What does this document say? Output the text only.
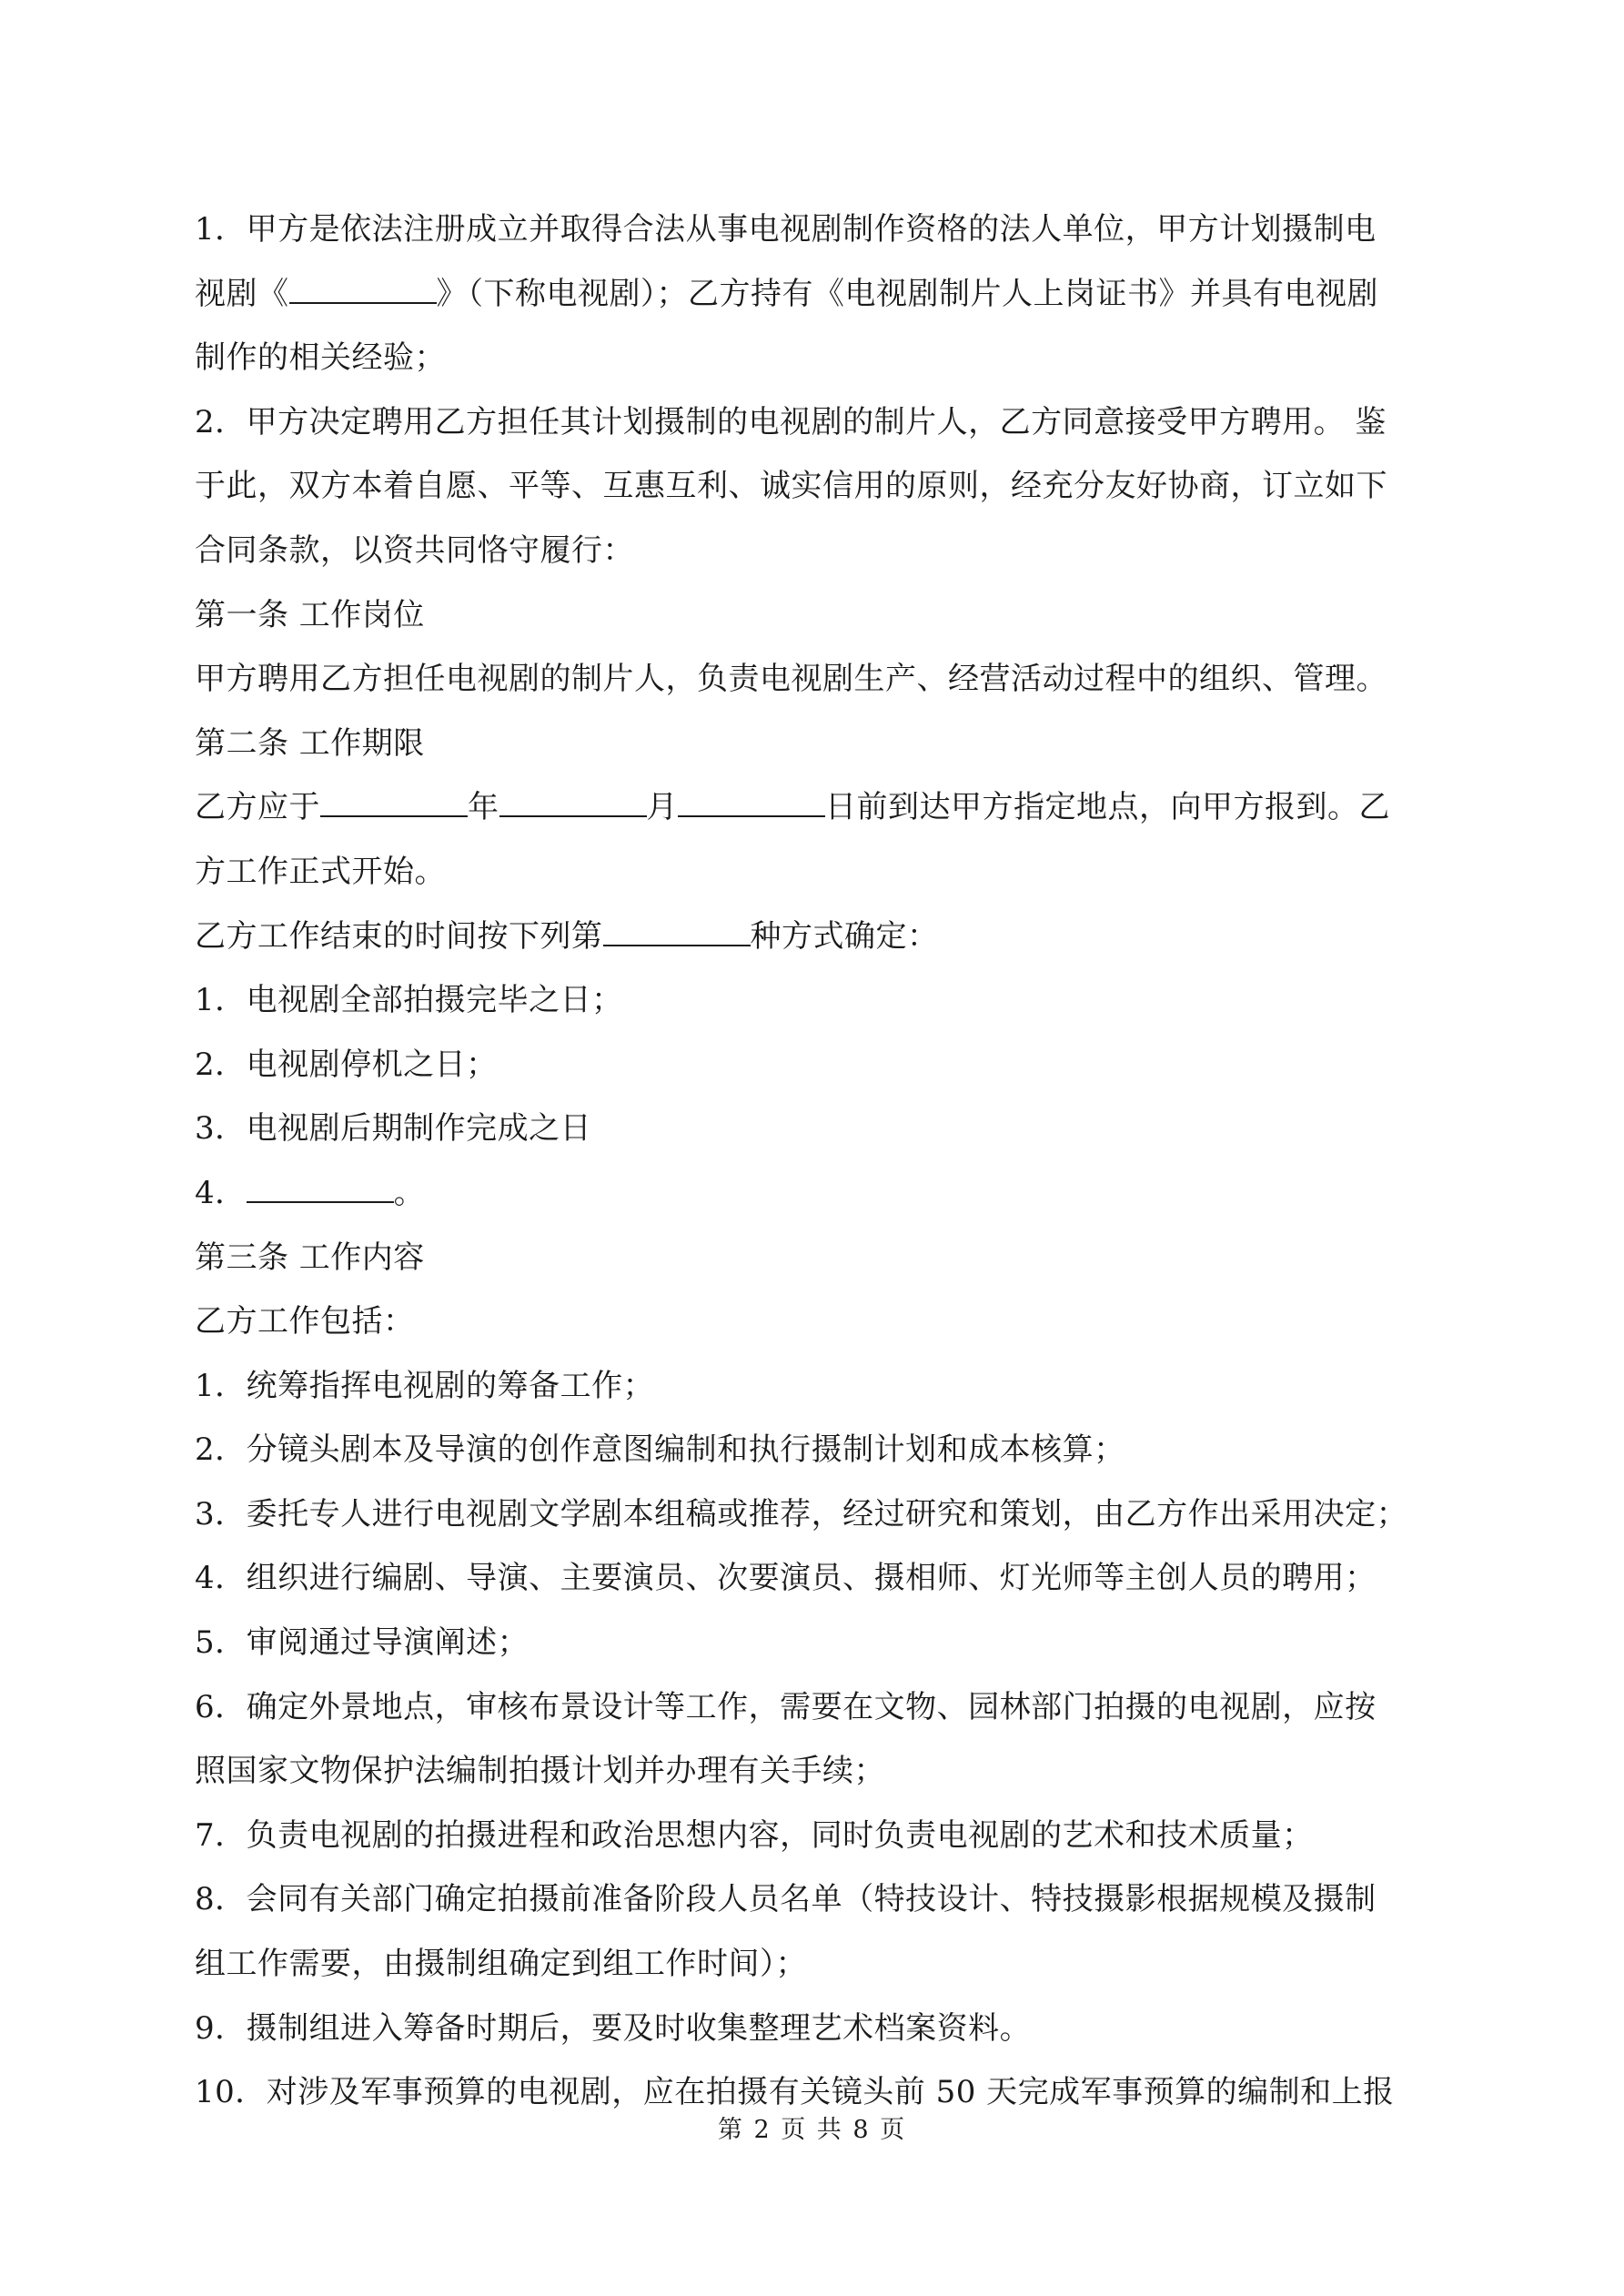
1．甲方是依法注册成立并取得合法从事电视剧制作资格的法人单位，甲方计划摄制电
视剧《	》（下称电视剧）；乙方持有《电视剧制片人上岗证书》并具有电视剧
制作的相关经验；
2．甲方决定聘用乙方担任其计划摄制的电视剧的制片人，乙方同意接受甲方聘用。 鉴
于此，双方本着自愿、平等、互惠互利、诚实信用的原则，经充分友好协商，订立如下
合同条款，以资共同恪守履行：
第一条 工作岗位
甲方聘用乙方担任电视剧的制片人，负责电视剧生产、经营活动过程中的组织、管理。
第二条 工作期限
乙方应于	年	月	日前到达甲方指定地点，向甲方报到。乙
方工作正式开始。
乙方工作结束的时间按下列第	种方式确定：
1．电视剧全部拍摄完毕之日；
2．电视剧停机之日；
3．电视剧后期制作完成之日
4．	。
第三条 工作内容
乙方工作包括：
1．统筹指挥电视剧的筹备工作；
2．分镜头剧本及导演的创作意图编制和执行摄制计划和成本核算；
3．委托专人进行电视剧文学剧本组稿或推荐，经过研究和策划，由乙方作出采用决定；
4．组织进行编剧、导演、主要演员、次要演员、摄相师、灯光师等主创人员的聘用；
5．审阅通过导演阐述；
6．确定外景地点，审核布景设计等工作，需要在文物、园林部门拍摄的电视剧，应按
照国家文物保护法编制拍摄计划并办理有关手续；
7．负责电视剧的拍摄进程和政治思想内容，同时负责电视剧的艺术和技术质量；
8．会同有关部门确定拍摄前准备阶段人员名单（特技设计、特技摄影根据规模及摄制
组工作需要，由摄制组确定到组工作时间）；
9．摄制组进入筹备时期后，要及时收集整理艺术档案资料。
10．对涉及军事预算的电视剧，应在拍摄有关镜头前 50 天完成军事预算的编制和上报
第 2 页 共 8 页
